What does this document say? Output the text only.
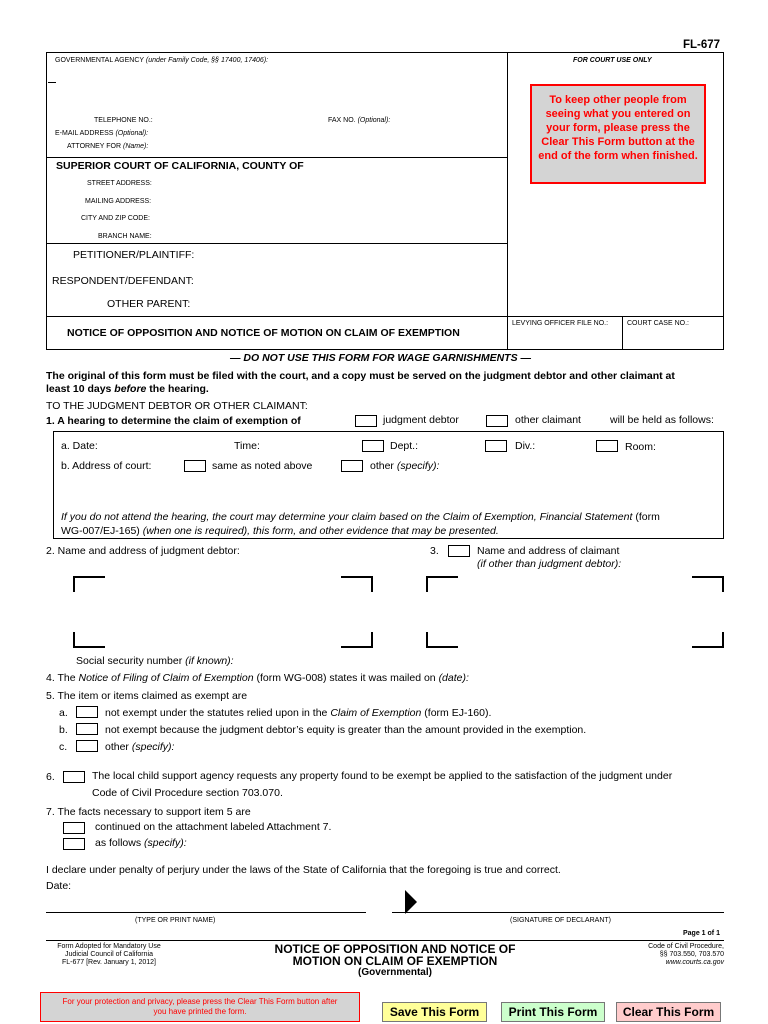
FL-677
GOVERNMENTAL AGENCY (under Family Code, §§ 17400, 17406):
TELEPHONE NO.:	FAX NO. (Optional):
E-MAIL ADDRESS (Optional):
ATTORNEY FOR (Name):
FOR COURT USE ONLY
To keep other people from seeing what you entered on your form, please press the Clear This Form button at the end of the form when finished.
SUPERIOR COURT OF CALIFORNIA, COUNTY OF
STREET ADDRESS:
MAILING ADDRESS:
CITY AND ZIP CODE:
BRANCH NAME:
PETITIONER/PLAINTIFF:
RESPONDENT/DEFENDANT:
OTHER PARENT:
NOTICE OF OPPOSITION AND NOTICE OF MOTION ON CLAIM OF EXEMPTION
LEVYING OFFICER FILE NO.:	COURT CASE NO.:
— DO NOT USE THIS FORM FOR WAGE GARNISHMENTS —
The original of this form must be filed with the court, and a copy must be served on the judgment debtor and other claimant at
least 10 days before the hearing.
TO THE JUDGMENT DEBTOR OR OTHER CLAIMANT:
1. A hearing to determine the claim of exemption of	judgment debtor	other claimant	will be held as follows:
a. Date:	Time:	Dept.:	Div.:	Room:
b. Address of court:	same as noted above	other (specify):
If you do not attend the hearing, the court may determine your claim based on the Claim of Exemption, Financial Statement (form
WG-007/EJ-165) (when one is required), this form, and other evidence that may be presented.
2. Name and address of judgment debtor:	3.	Name and address of claimant
(if other than judgment debtor):
Social security number (if known):
4. The Notice of Filing of Claim of Exemption (form WG-008) states it was mailed on (date):
5. The item or items claimed as exempt are
a.	not exempt under the statutes relied upon in the Claim of Exemption (form EJ-160).
b.	not exempt because the judgment debtor’s equity is greater than the amount provided in the exemption.
c.	other (specify):
6.	The local child support agency requests any property found to be exempt be applied to the satisfaction of the judgment under
Code of Civil Procedure section 703.070.
7. The facts necessary to support item 5 are
continued on the attachment labeled Attachment 7.
as follows (specify):
I declare under penalty of perjury under the laws of the State of California that the foregoing is true and correct.
Date:
(TYPE OR PRINT NAME)	(SIGNATURE OF DECLARANT)
Page 1 of 1
Form Adopted for Mandatory Use
Judicial Council of California
FL-677 [Rev. January 1, 2012]
NOTICE OF OPPOSITION AND NOTICE OF
MOTION ON CLAIM OF EXEMPTION
(Governmental)
Code of Civil Procedure,
§§ 703.550, 703.570
www.courts.ca.gov
For your protection and privacy, please press the Clear This Form button after you have printed the form.	Save This Form	Print This Form	Clear This Form
